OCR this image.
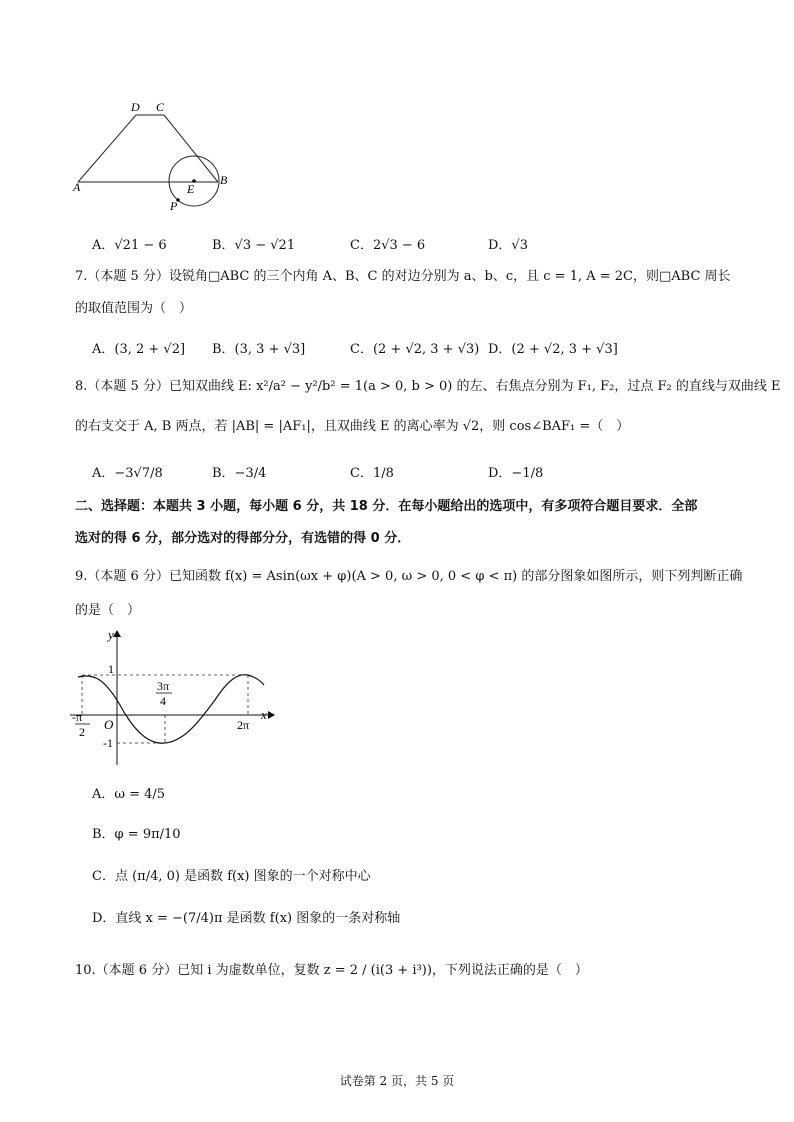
D C
A	B
E
P
A．√21 − 6	B．√3 − √21	C．2√3 − 6	D．√3
7.（本题 5 分）设锐角□ABC 的三个内角 A、B、C 的对边分别为 a、b、c，且 c = 1, A = 2C，则□ABC 周长
的取值范围为（　）
A．(3, 2 + √2] B．(3, 3 + √3]	C．(2 + √2, 3 + √3) D．(2 + √2, 3 + √3]
8.（本题 5 分）已知双曲线 E: x²/a² − y²/b² = 1(a > 0, b > 0) 的左、右焦点分别为 F₁, F₂，过点 F₂ 的直线与双曲线 E
的右支交于 A, B 两点，若 |AB| = |AF₁|，且双曲线 E 的离心率为 √2，则 cos∠BAF₁ =（　）
A．−3√7/8	B．−3/4	C．1/8	D．−1/8
二、选择题：本题共 3 小题，每小题 6 分，共 18 分．在每小题给出的选项中，有多项符合题目要求．全部
选对的得 6 分，部分选对的得部分分，有选错的得 0 分．
9.（本题 6 分）已知函数 f(x) = Asin(ωx + φ)(A > 0, ω > 0, 0 < φ < π) 的部分图象如图所示，则下列判断正确
的是（　）
y
x
O
1
-1
3π
4
2π
-π
2
A．ω = 4/5
B．φ = 9π/10
C．点 (π/4, 0) 是函数 f(x) 图象的一个对称中心
D．直线 x = −(7/4)π 是函数 f(x) 图象的一条对称轴
10.（本题 6 分）已知 i 为虚数单位，复数 z = 2 / (i(3 + i³))，下列说法正确的是（　）
试卷第 2 页，共 5 页
